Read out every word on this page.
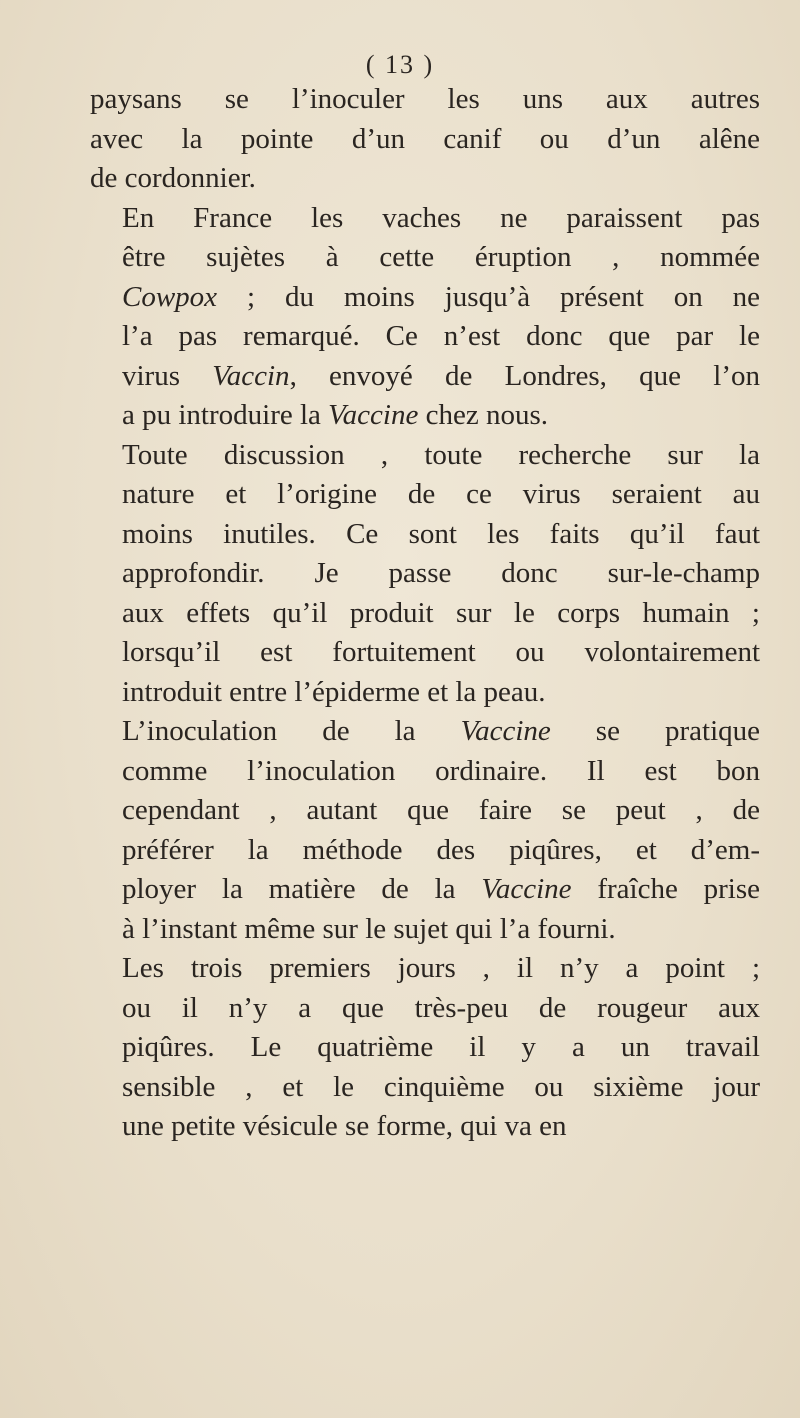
( 13 )

paysans se l’inoculer les uns aux autres
avec la pointe d’un canif ou d’un alêne
de cordonnier.

En France les vaches ne paraissent pas
être sujètes à cette éruption , nommée
Cowpox ; du moins jusqu’à présent on ne
l’a pas remarqué. Ce n’est donc que par le
virus Vaccin, envoyé de Londres, que l’on
a pu introduire la Vaccine chez nous.

Toute discussion , toute recherche sur la
nature et l’origine de ce virus seraient au
moins inutiles. Ce sont les faits qu’il faut
approfondir. Je passe donc sur-le-champ
aux effets qu’il produit sur le corps humain ;
lorsqu’il est fortuitement ou volontairement
introduit entre l’épiderme et la peau.

L’inoculation de la Vaccine se pratique
comme l’inoculation ordinaire. Il est bon
cependant , autant que faire se peut , de
préférer la méthode des piqûres, et d’em-
ployer la matière de la Vaccine fraîche prise
à l’instant même sur le sujet qui l’a fourni.

Les trois premiers jours , il n’y a point ;
ou il n’y a que très-peu de rougeur aux
piqûres. Le quatrième il y a un travail
sensible , et le cinquième ou sixième jour
une petite vésicule se forme, qui va en
